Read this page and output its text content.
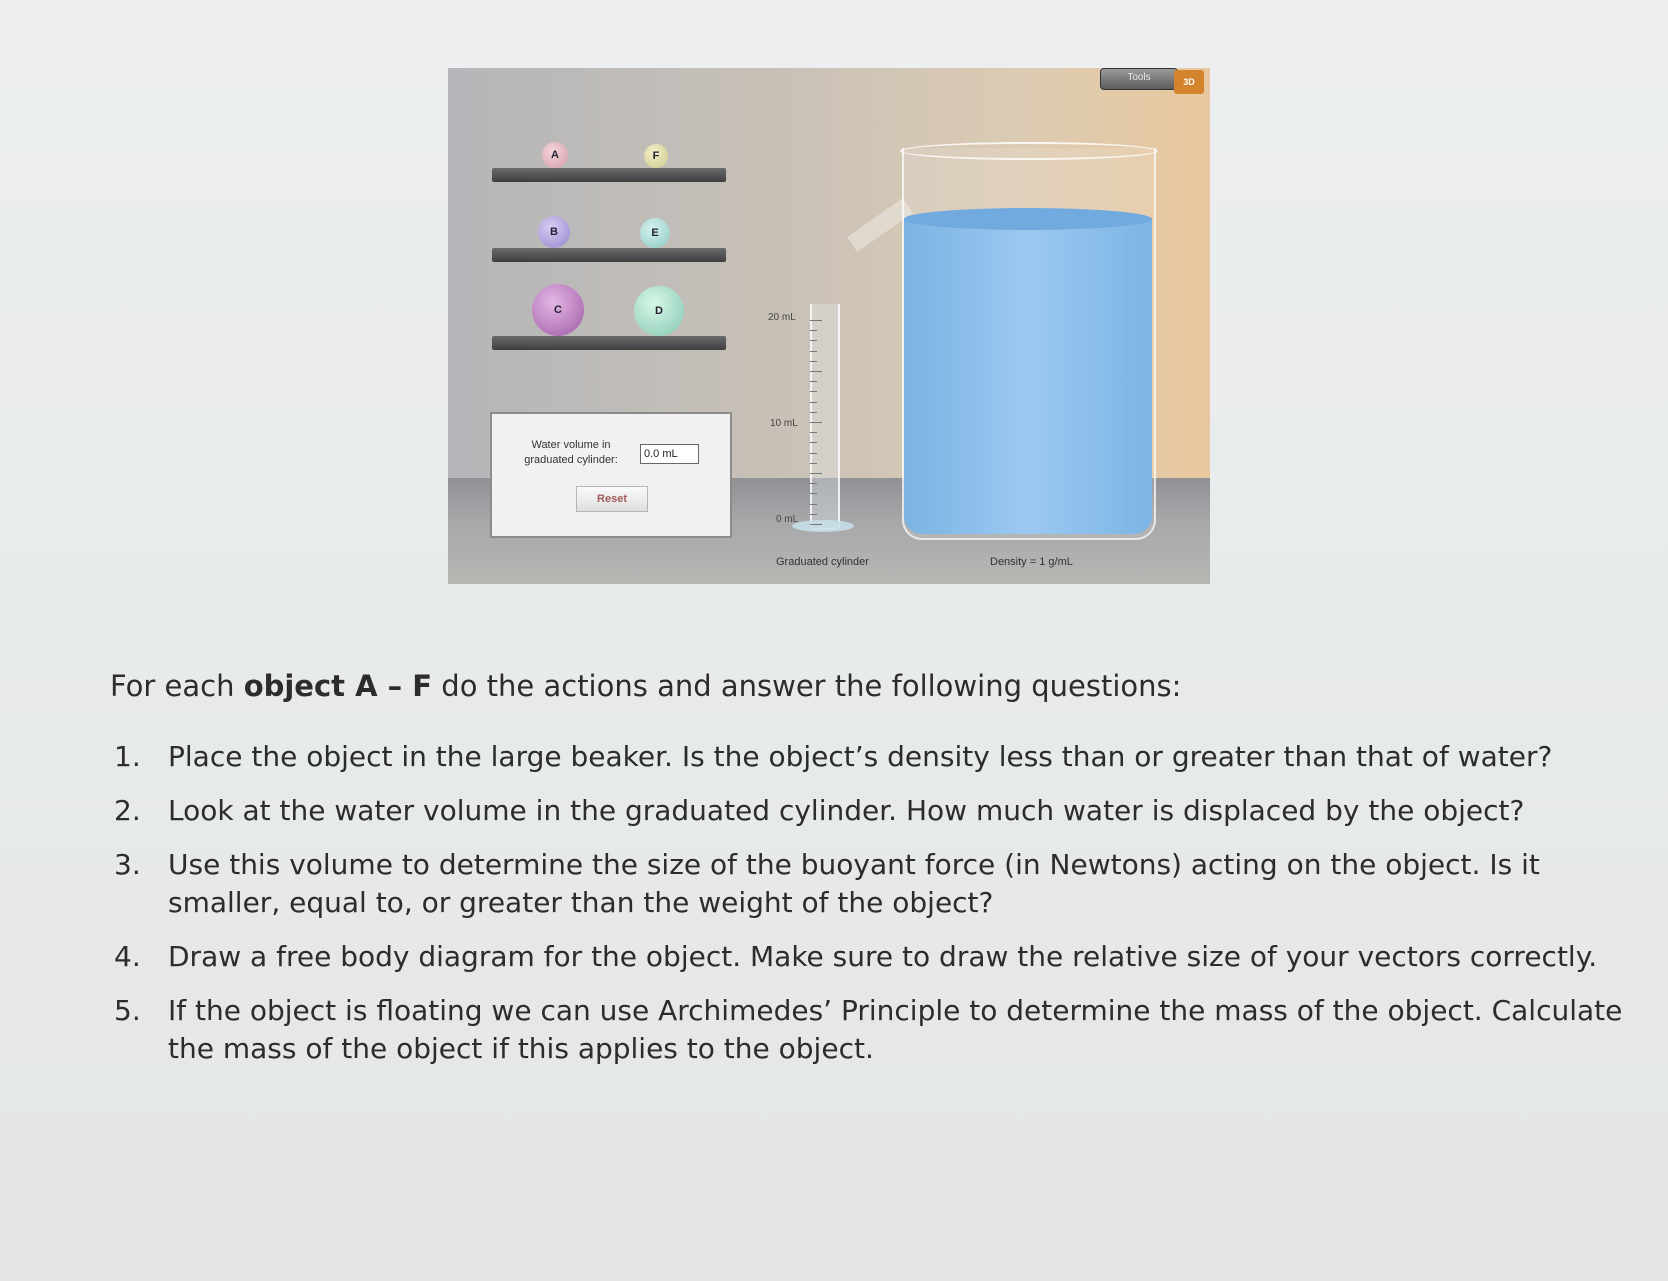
Tools	3D
A	F
B	E
C	D
Water volume in
graduated cylinder:	0.0 mL
Reset
20 mL
10 mL
0 mL
Graduated cylinder	Density = 1 g/mL

For each object A – F do the actions and answer the following questions:

1. Place the object in the large beaker. Is the object’s density less than or greater than that of water?
2. Look at the water volume in the graduated cylinder. How much water is displaced by the object?
3. Use this volume to determine the size of the buoyant force (in Newtons) acting on the object. Is it smaller, equal to, or greater than the weight of the object?
4. Draw a free body diagram for the object. Make sure to draw the relative size of your vectors correctly.
5. If the object is floating we can use Archimedes’ Principle to determine the mass of the object. Calculate the mass of the object if this applies to the object.
